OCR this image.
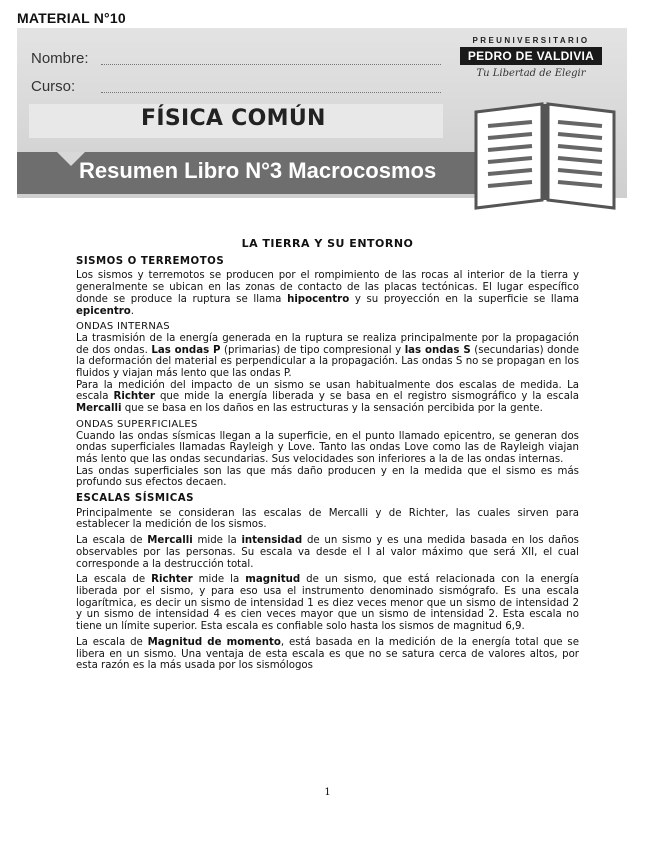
MATERIAL N°10
Nombre:
Curso:
FÍSICA COMÚN
Resumen Libro N°3 Macrocosmos
PREUNIVERSITARIO
PEDRO DE VALDIVIA
Tu Libertad de Elegir
LA TIERRA Y SU ENTORNO
SISMOS O TERREMOTOS

Los sismos y terremotos se producen por el rompimiento de las rocas al interior de la tierra y generalmente se ubican en las zonas de contacto de las placas tectónicas. El lugar específico donde se produce la ruptura se llama hipocentro y su proyección en la superficie se llama epicentro.

ONDAS INTERNAS

La trasmisión de la energía generada en la ruptura se realiza principalmente por la propagación de dos ondas. Las ondas P (primarias) de tipo compresional y las ondas S (secundarias) donde la deformación del material es perpendicular a la propagación. Las ondas S no se propagan en los fluidos y viajan más lento que las ondas P.

Para la medición del impacto de un sismo se usan habitualmente dos escalas de medida. La escala Richter que mide la energía liberada y se basa en el registro sismográfico y la escala Mercalli que se basa en los daños en las estructuras y la sensación percibida por la gente.

ONDAS SUPERFICIALES

Cuando las ondas sísmicas llegan a la superficie, en el punto llamado epicentro, se generan dos ondas superficiales llamadas Rayleigh y Love. Tanto las ondas Love como las de Rayleigh viajan más lento que las ondas secundarias. Sus velocidades son inferiores a la de las ondas internas.

Las ondas superficiales son las que más daño producen y en la medida que el sismo es más profundo sus efectos decaen.

ESCALAS SÍSMICAS

Principalmente se consideran las escalas de Mercalli y de Richter, las cuales sirven para establecer la medición de los sismos.

La escala de Mercalli mide la intensidad de un sismo y es una medida basada en los daños observables por las personas. Su escala va desde el I al valor máximo que será XII, el cual corresponde a la destrucción total.

La escala de Richter mide la magnitud de un sismo, que está relacionada con la energía liberada por el sismo, y para eso usa el instrumento denominado sismógrafo. Es una escala logarítmica, es decir un sismo de intensidad 1 es diez veces menor que un sismo de intensidad 2 y un sismo de intensidad 4 es cien veces mayor que un sismo de intensidad 2. Esta escala no tiene un límite superior. Esta escala es confiable solo hasta los sismos de magnitud 6,9.

La escala de Magnitud de momento, está basada en la medición de la energía total que se libera en un sismo. Una ventaja de esta escala es que no se satura cerca de valores altos, por esta razón es la más usada por los sismólogos

1
